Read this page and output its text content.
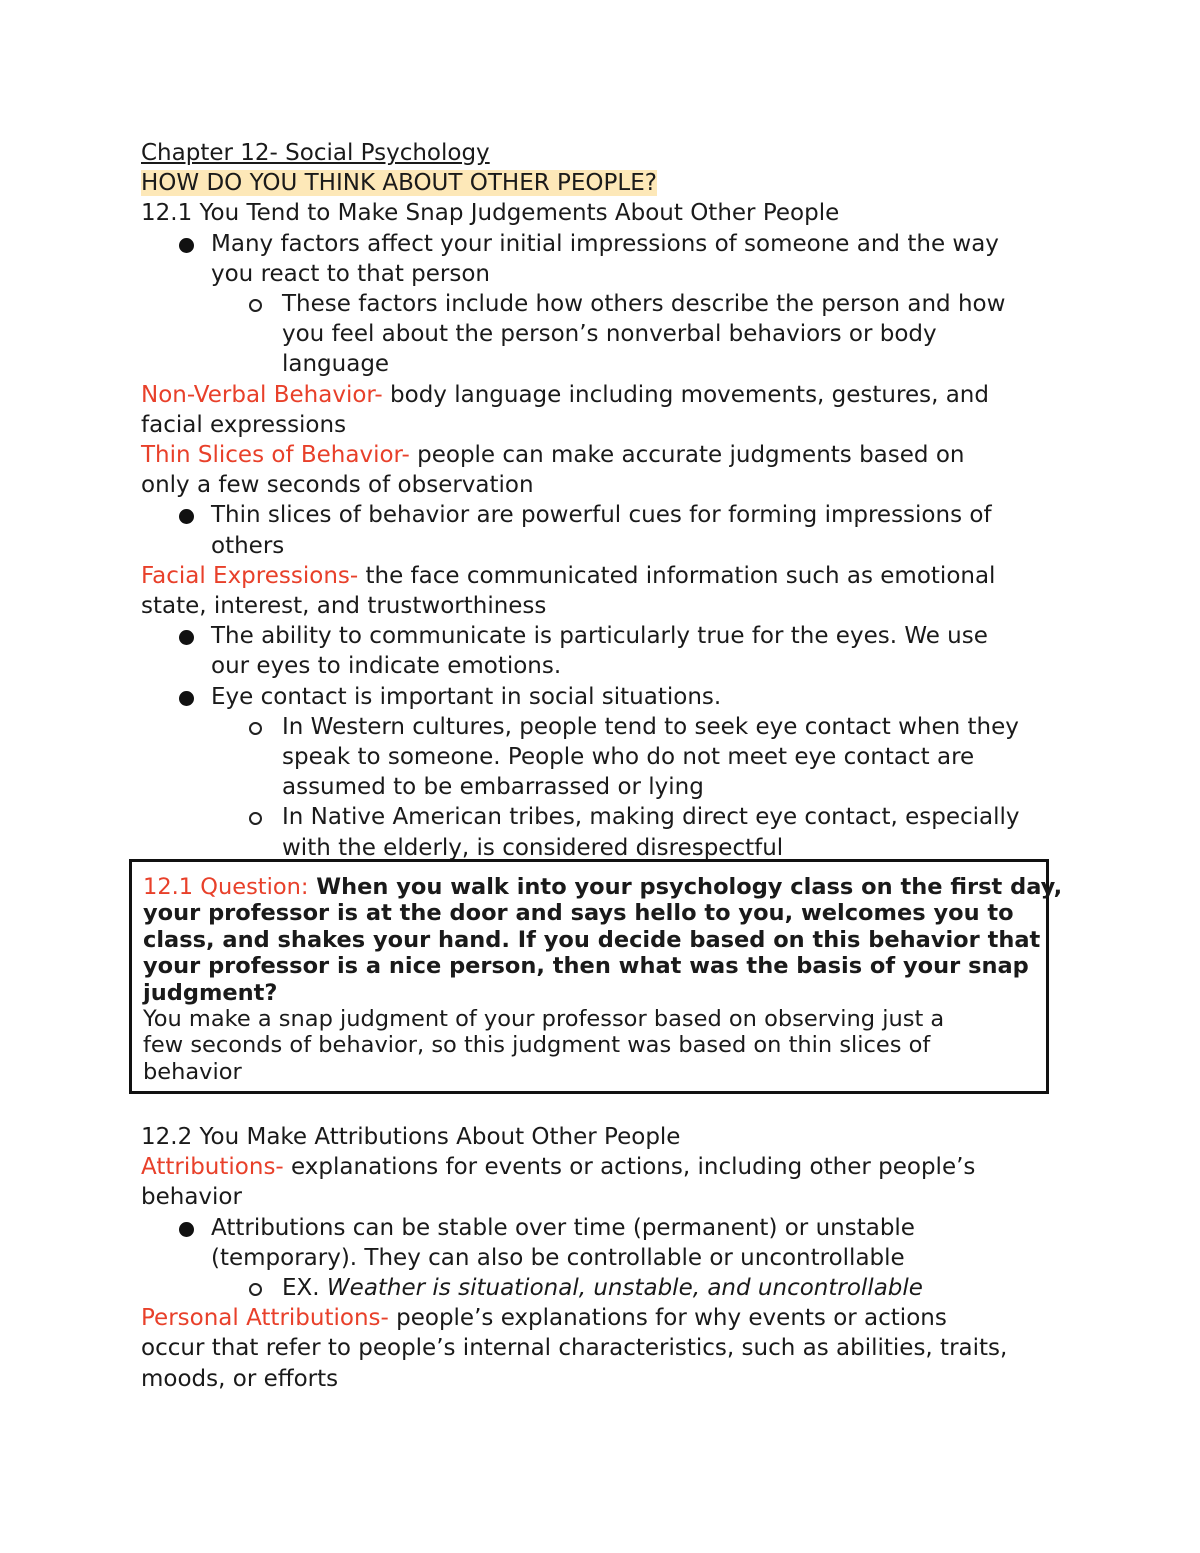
Chapter 12- Social Psychology
HOW DO YOU THINK ABOUT OTHER PEOPLE?
12.1 You Tend to Make Snap Judgements About Other People
Many factors affect your initial impressions of someone and the way
you react to that person
These factors include how others describe the person and how
you feel about the person’s nonverbal behaviors or body
language
Non-Verbal Behavior- body language including movements, gestures, and
facial expressions
Thin Slices of Behavior- people can make accurate judgments based on
only a few seconds of observation
Thin slices of behavior are powerful cues for forming impressions of
others
Facial Expressions- the face communicated information such as emotional
state, interest, and trustworthiness
The ability to communicate is particularly true for the eyes. We use
our eyes to indicate emotions.
Eye contact is important in social situations.
In Western cultures, people tend to seek eye contact when they
speak to someone. People who do not meet eye contact are
assumed to be embarrassed or lying
In Native American tribes, making direct eye contact, especially
with the elderly, is considered disrespectful
12.1 Question: When you walk into your psychology class on the first day,
your professor is at the door and says hello to you, welcomes you to
class, and shakes your hand. If you decide based on this behavior that
your professor is a nice person, then what was the basis of your snap
judgment?
You make a snap judgment of your professor based on observing just a
few seconds of behavior, so this judgment was based on thin slices of
behavior
12.2 You Make Attributions About Other People
Attributions- explanations for events or actions, including other people’s
behavior
Attributions can be stable over time (permanent) or unstable
(temporary). They can also be controllable or uncontrollable
EX. Weather is situational, unstable, and uncontrollable
Personal Attributions- people’s explanations for why events or actions
occur that refer to people’s internal characteristics, such as abilities, traits,
moods, or efforts
